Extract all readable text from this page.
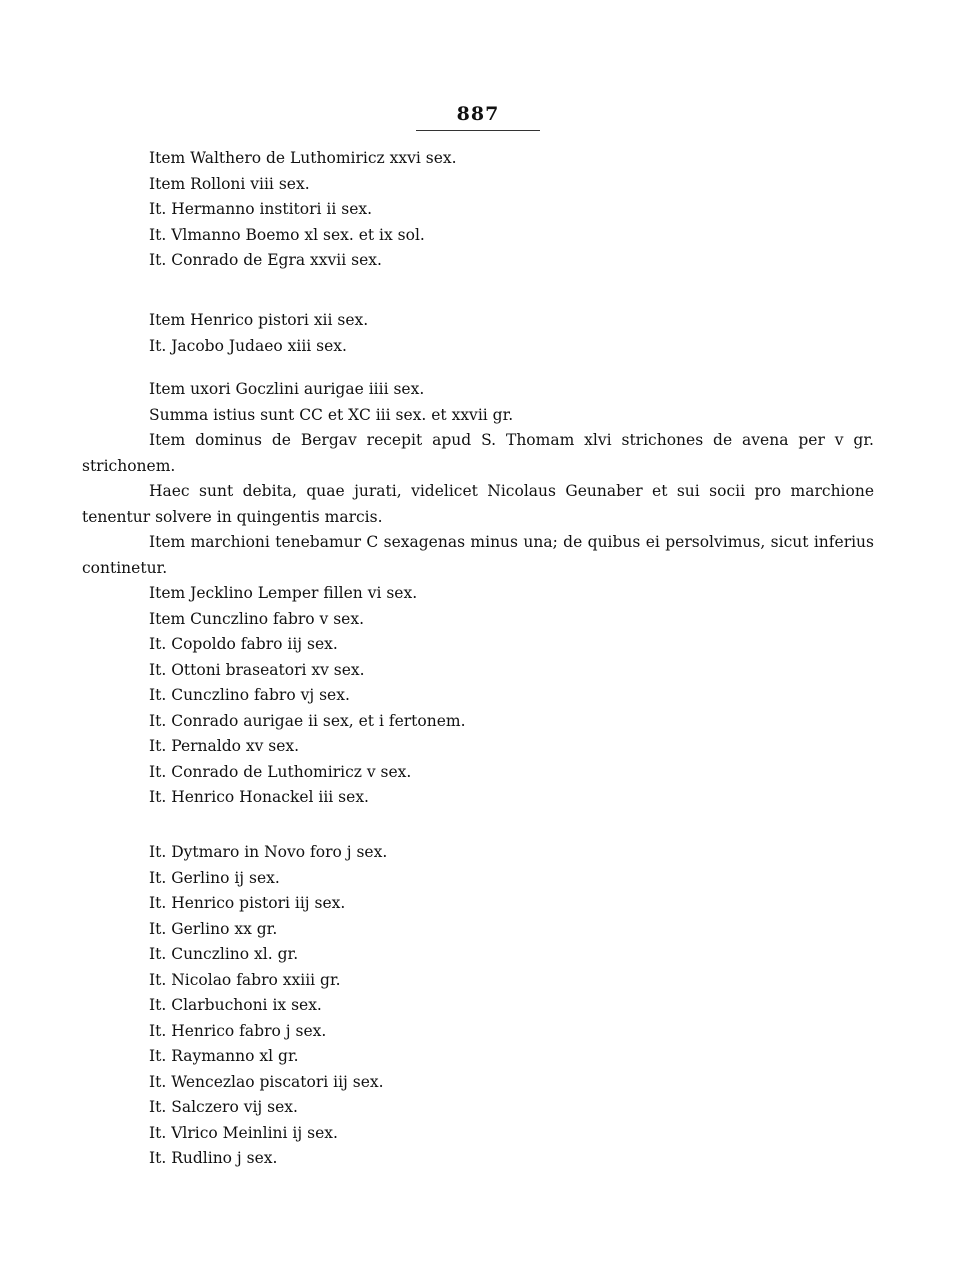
887
Item Walthero de Luthomiricz xxvi sex.
Item Rolloni viii sex.
It. Hermanno institori ii sex.
It. Vlmanno Boemo xl sex. et ix sol.
It. Conrado de Egra xxvii sex.
Item Henrico pistori xii sex.
It. Jacobo Judaeo xiii sex.
Item uxori Goczlini aurigae iiii sex.
Summa istius sunt CC et XC iii sex. et xxvii gr.
Item dominus de Bergav recepit apud S. Thomam xlvi strichones de avena per v gr. strichonem.
Haec sunt debita, quae jurati, videlicet Nicolaus Geunaber et sui socii pro marchione tenentur solvere in quingentis marcis.
Item marchioni tenebamur C sexagenas minus una; de quibus ei persolvimus, sicut inferius continetur.
Item Jecklino Lemper fillen vi sex.
Item Cunczlino fabro v sex.
It. Copoldo fabro iij sex.
It. Ottoni braseatori xv sex.
It. Cunczlino fabro vj sex.
It. Conrado aurigae ii sex, et i fertonem.
It. Pernaldo xv sex.
It. Conrado de Luthomiricz v sex.
It. Henrico Honackel iii sex.
It. Dytmaro in Novo foro j sex.
It. Gerlino ij sex.
It. Henrico pistori iij sex.
It. Gerlino xx gr.
It. Cunczlino xl. gr.
It. Nicolao fabro xxiii gr.
It. Clarbuchoni ix sex.
It. Henrico fabro j sex.
It. Raymanno xl gr.
It. Wencezlao piscatori iij sex.
It. Salczero vij sex.
It. Vlrico Meinlini ij sex.
It. Rudlino j sex.
